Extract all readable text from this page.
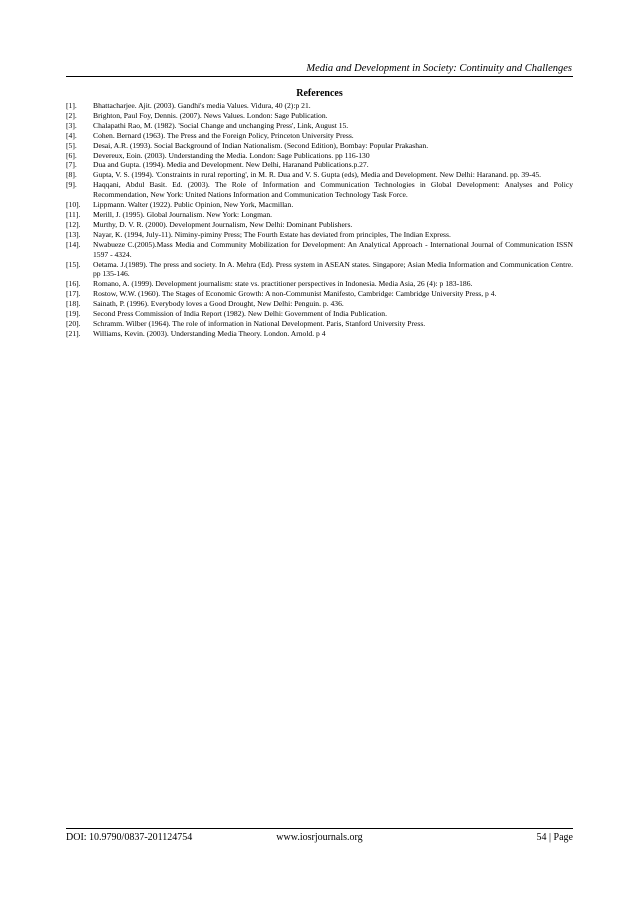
Media and Development in Society: Continuity and Challenges
References
[1].	Bhattacharjee. Ajit. (2003). Gandhi's media Values. Vidura, 40 (2):p 21.
[2].	Brighton, Paul Foy, Dennis. (2007). News Values. London: Sage Publication.
[3].	Chalapathi Rao, M. (1982). 'Social Change and unchanging Press', Link, August 15.
[4].	Cohen. Bernard (1963). The Press and the Foreign Policy, Princeton University Press.
[5].	Desai, A.R. (1993). Social Background of Indian Nationalism. (Second Edition), Bombay: Popular Prakashan.
[6].	Devereux, Eoin. (2003). Understanding the Media. London: Sage Publications. pp 116-130
[7].	Dua and Gupta. (1994). Media and Development. New Delhi, Haranand Publications.p.27.
[8].	Gupta, V. S. (1994). 'Constraints in rural reporting', in M. R. Dua and V. S. Gupta (eds), Media and Development. New Delhi: Haranand. pp. 39-45.
[9].	Haqqani, Abdul Basit. Ed. (2003). The Role of Information and Communication Technologies in Global Development: Analyses and Policy Recommendation, New York: United Nations Information and Communication Technology Task Force.
[10].	Lippmann. Walter (1922). Public Opinion, New York, Macmillan.
[11].	Merill, J. (1995). Global Journalism. New York: Longman.
[12].	Murthy, D. V. R. (2000). Development Journalism, New Delhi: Dominant Publishers.
[13].	Nayar, K. (1994, July-11). Niminy-piminy Press; The Fourth Estate has deviated from principles, The Indian Express.
[14].	Nwabueze C.(2005).Mass Media and Community Mobilization for Development: An Analytical Approach - International Journal of Communication ISSN 1597 - 4324.
[15].	Oetama. J.(1989). The press and society. In A. Mehra (Ed). Press system in ASEAN states. Singapore; Asian Media Information and Communication Centre. pp 135-146.
[16].	Romano, A. (1999). Development journalism: state vs. practitioner perspectives in Indonesia. Media Asia, 26 (4): p 183-186.
[17].	Rostow, W.W. (1960). The Stages of Economic Growth: A non-Communist Manifesto, Cambridge: Cambridge University Press, p 4.
[18].	Sainath, P. (1996). Everybody loves a Good Drought, New Delhi: Penguin. p. 436.
[19].	Second Press Commission of India Report (1982). New Delhi: Government of India Publication.
[20].	Schramm. Wilber (1964). The role of information in National Development. Paris, Stanford University Press.
[21].	Williams, Kevin. (2003). Understanding Media Theory. London. Arnold. p 4
DOI: 10.9790/0837-201124754	www.iosrjournals.org	54 | Page
